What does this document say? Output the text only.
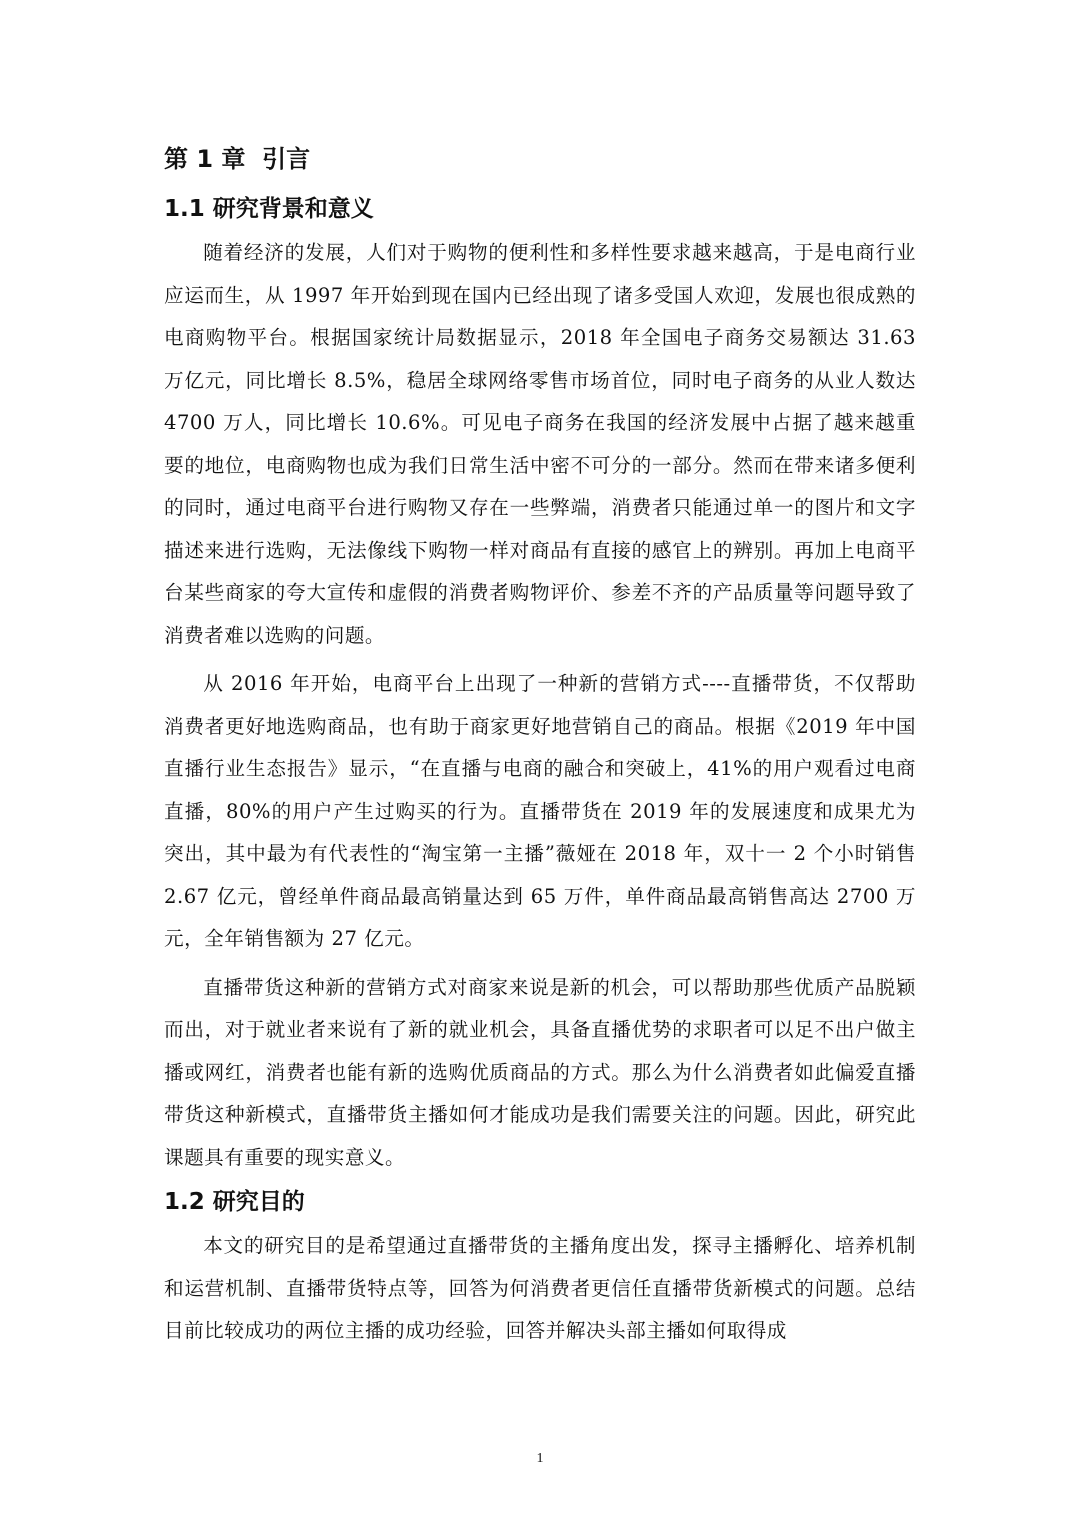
第 1 章  引言
1.1 研究背景和意义

随着经济的发展，人们对于购物的便利性和多样性要求越来越高，于是电商行业应运而生，从 1997 年开始到现在国内已经出现了诸多受国人欢迎，发展也很成熟的电商购物平台。根据国家统计局数据显示，2018 年全国电子商务交易额达 31.63 万亿元，同比增长 8.5%，稳居全球网络零售市场首位，同时电子商务的从业人数达 4700 万人，同比增长 10.6%。可见电子商务在我国的经济发展中占据了越来越重要的地位，电商购物也成为我们日常生活中密不可分的一部分。然而在带来诸多便利的同时，通过电商平台进行购物又存在一些弊端，消费者只能通过单一的图片和文字描述来进行选购，无法像线下购物一样对商品有直接的感官上的辨别。再加上电商平台某些商家的夸大宣传和虚假的消费者购物评价、参差不齐的产品质量等问题导致了消费者难以选购的问题。

从 2016 年开始，电商平台上出现了一种新的营销方式----直播带货，不仅帮助消费者更好地选购商品，也有助于商家更好地营销自己的商品。根据《2019 年中国直播行业生态报告》显示，“在直播与电商的融合和突破上，41%的用户观看过电商直播，80%的用户产生过购买的行为。直播带货在 2019 年的发展速度和成果尤为突出，其中最为有代表性的“淘宝第一主播”薇娅在 2018 年，双十一 2 个小时销售 2.67 亿元，曾经单件商品最高销量达到 65 万件，单件商品最高销售高达 2700 万元，全年销售额为 27 亿元。

直播带货这种新的营销方式对商家来说是新的机会，可以帮助那些优质产品脱颖而出，对于就业者来说有了新的就业机会，具备直播优势的求职者可以足不出户做主播或网红，消费者也能有新的选购优质商品的方式。那么为什么消费者如此偏爱直播带货这种新模式，直播带货主播如何才能成功是我们需要关注的问题。因此，研究此课题具有重要的现实意义。

1.2 研究目的

本文的研究目的是希望通过直播带货的主播角度出发，探寻主播孵化、培养机制和运营机制、直播带货特点等，回答为何消费者更信任直播带货新模式的问题。总结目前比较成功的两位主播的成功经验，回答并解决头部主播如何取得成

1
